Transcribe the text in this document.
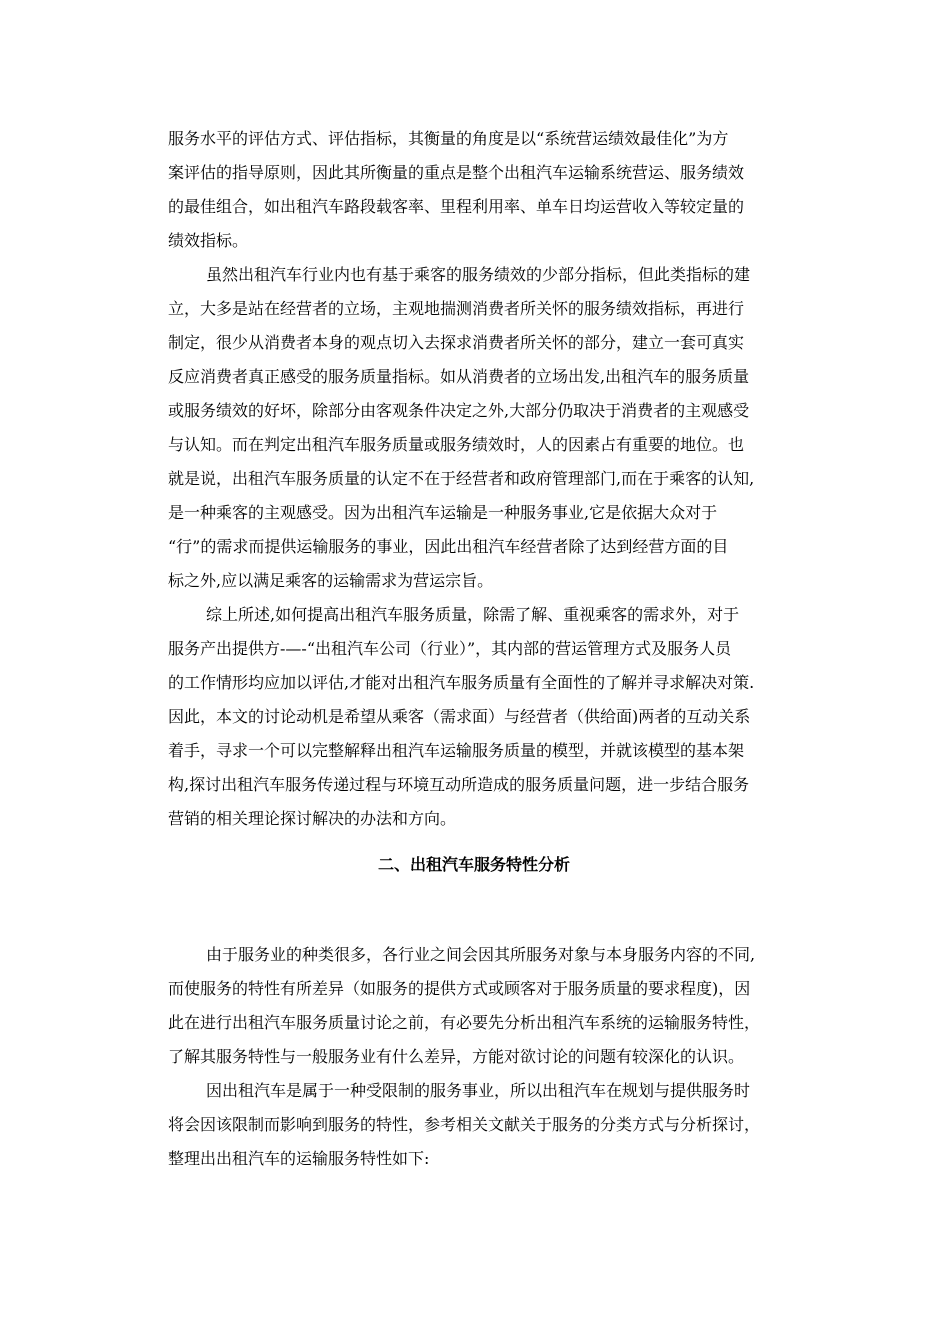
服务水平的评估方式、评估指标，其衡量的角度是以“系统营运绩效最佳化”为方
案评估的指导原则，因此其所衡量的重点是整个出租汽车运输系统营运、服务绩效
的最佳组合，如出租汽车路段载客率、里程利用率、单车日均运营收入等较定量的
绩效指标。
虽然出租汽车行业内也有基于乘客的服务绩效的少部分指标，但此类指标的建
立，大多是站在经营者的立场，主观地揣测消费者所关怀的服务绩效指标，再进行
制定，很少从消费者本身的观点切入去探求消费者所关怀的部分，建立一套可真实
反应消费者真正感受的服务质量指标。如从消费者的立场出发,出租汽车的服务质量
或服务绩效的好坏，除部分由客观条件决定之外,大部分仍取决于消费者的主观感受
与认知。而在判定出租汽车服务质量或服务绩效时，人的因素占有重要的地位。也
就是说，出租汽车服务质量的认定不在于经营者和政府管理部门,而在于乘客的认知,
是一种乘客的主观感受。因为出租汽车运输是一种服务事业,它是依据大众对于
“行”的需求而提供运输服务的事业，因此出租汽车经营者除了达到经营方面的目
标之外,应以满足乘客的运输需求为营运宗旨。
综上所述,如何提高出租汽车服务质量，除需了解、重视乘客的需求外，对于
服务产出提供方-—-“出租汽车公司（行业）”，其内部的营运管理方式及服务人员
的工作情形均应加以评估,才能对出租汽车服务质量有全面性的了解并寻求解决对策.
因此，本文的讨论动机是希望从乘客（需求面）与经营者（供给面)两者的互动关系
着手，寻求一个可以完整解释出租汽车运输服务质量的模型，并就该模型的基本架
构,探讨出租汽车服务传递过程与环境互动所造成的服务质量问题，进一步结合服务
营销的相关理论探讨解决的办法和方向。
二、出租汽车服务特性分析
由于服务业的种类很多，各行业之间会因其所服务对象与本身服务内容的不同,
而使服务的特性有所差异（如服务的提供方式或顾客对于服务质量的要求程度)，因
此在进行出租汽车服务质量讨论之前，有必要先分析出租汽车系统的运输服务特性，
了解其服务特性与一般服务业有什么差异，方能对欲讨论的问题有较深化的认识。
因出租汽车是属于一种受限制的服务事业，所以出租汽车在规划与提供服务时
将会因该限制而影响到服务的特性，参考相关文献关于服务的分类方式与分析探讨，
整理出出租汽车的运输服务特性如下:
